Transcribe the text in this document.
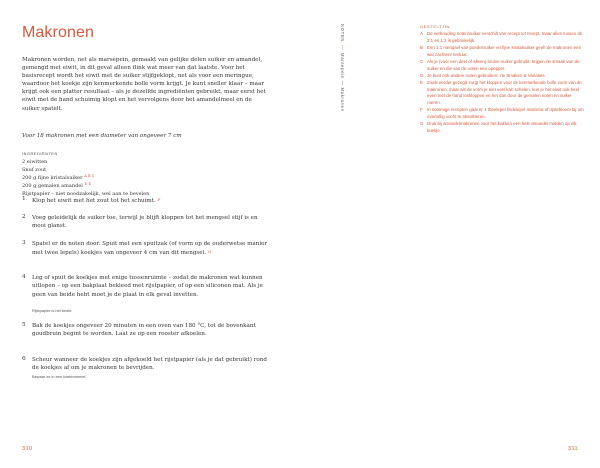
Makronen
Makronen worden, net als marsepein, gemaakt van gelijke delen suiker en amandel, gemengd met eiwit, in dit geval alleen flink wat meer van dat laatste. Voor het basisrecept wordt het eiwit met de suiker stijfgeklopt, net als voor een meringue, waardoor het koekje zijn kenmerkende bolle vorm krijgt. Je kunt sneller klaar – maar krijgt ook een platter resultaat – als je dezelfde ingrediënten gebruikt, maar eerst het eiwit met de hand schuimig klopt en het vervolgens door het amandelmeel en de suiker spatelt.
Voor 18 makronen met een diameter van ongeveer 7 cm
INGREDIËNTEN
2 eiwitten
Snuf zout
200 g fijne kristalsuiker $^{A B C}$
200 g gemalen amandel $^{D E}$
Rijstpapier – niet noodzakelijk, wel aan te bevelen
1 Klop het eiwit met het zout tot het schuimt. F
2 Voeg geleidelijk de suiker toe, terwijl je blijft kloppen tot het mengsel stijf is en mooi glanst.
3 Spatel er de noten door. Spuit met een spuitzak (of vorm op de ouderwetse manier met twee lepels) koekjes van ongeveer 4 cm van dit mengsel. G
4 Leg of spuit de koekjes met enige tussenruimte – zodat de makronen wat kunnen uitlopen – op een bakplaat bekleed met rijstpapier, of op een siliconen mat. Als je geen van beide hebt moet je de plaat in elk geval invetten.
Rijstpapier is het beste.
5 Bak de koekjes ongeveer 20 minuten in een oven van 180 °C, tot de bovenkant goudbruin begint te worden. Laat ze op een rooster afkoelen.
6 Scheur wanneer de koekjes zijn afgekoeld het rijstpapier (als je dat gebruikt) rond de koekjes af om je makronen te bevrijden.
Bewaar ze in een koektrommel.
310
NOTEN—Marsepein — Makronen
GESTELTJIN
A De verhouding noten/suiker verschilt van recept tot recept, maar alles tussen de 2:1 en 1:2 is gebruikelijk.
B Een 1:1 mengsel van poedersuiker en fijne kristalsuiker geeft de makronen een wat zachtere textuur.
C Als je (voor een deel of alleen) bruine suiker gebruikt, krijgen de smaak van de suiker en die van de noten een opepper.
D Je kunt ook andere noten gebruiken: zie Smaken & Variaties.
E Zoals eerder gezegd zorgt het kloppen voor de kenmerkende bolle vorm van de makronen, maar als de vorm je niet veel kan schelen, kun je het eiwit ook heel even met de hand loskloppen en het dan door de gemalen noten en suiker roeren.
F In sommige recepten gaat er 1 theelepel lindelepel maïzena of rijstebloem bij om overtollig vocht te absorberen.
G Druk bij amandelmakronen voor het bakken een hele amandel midden op elk koekje.
311
